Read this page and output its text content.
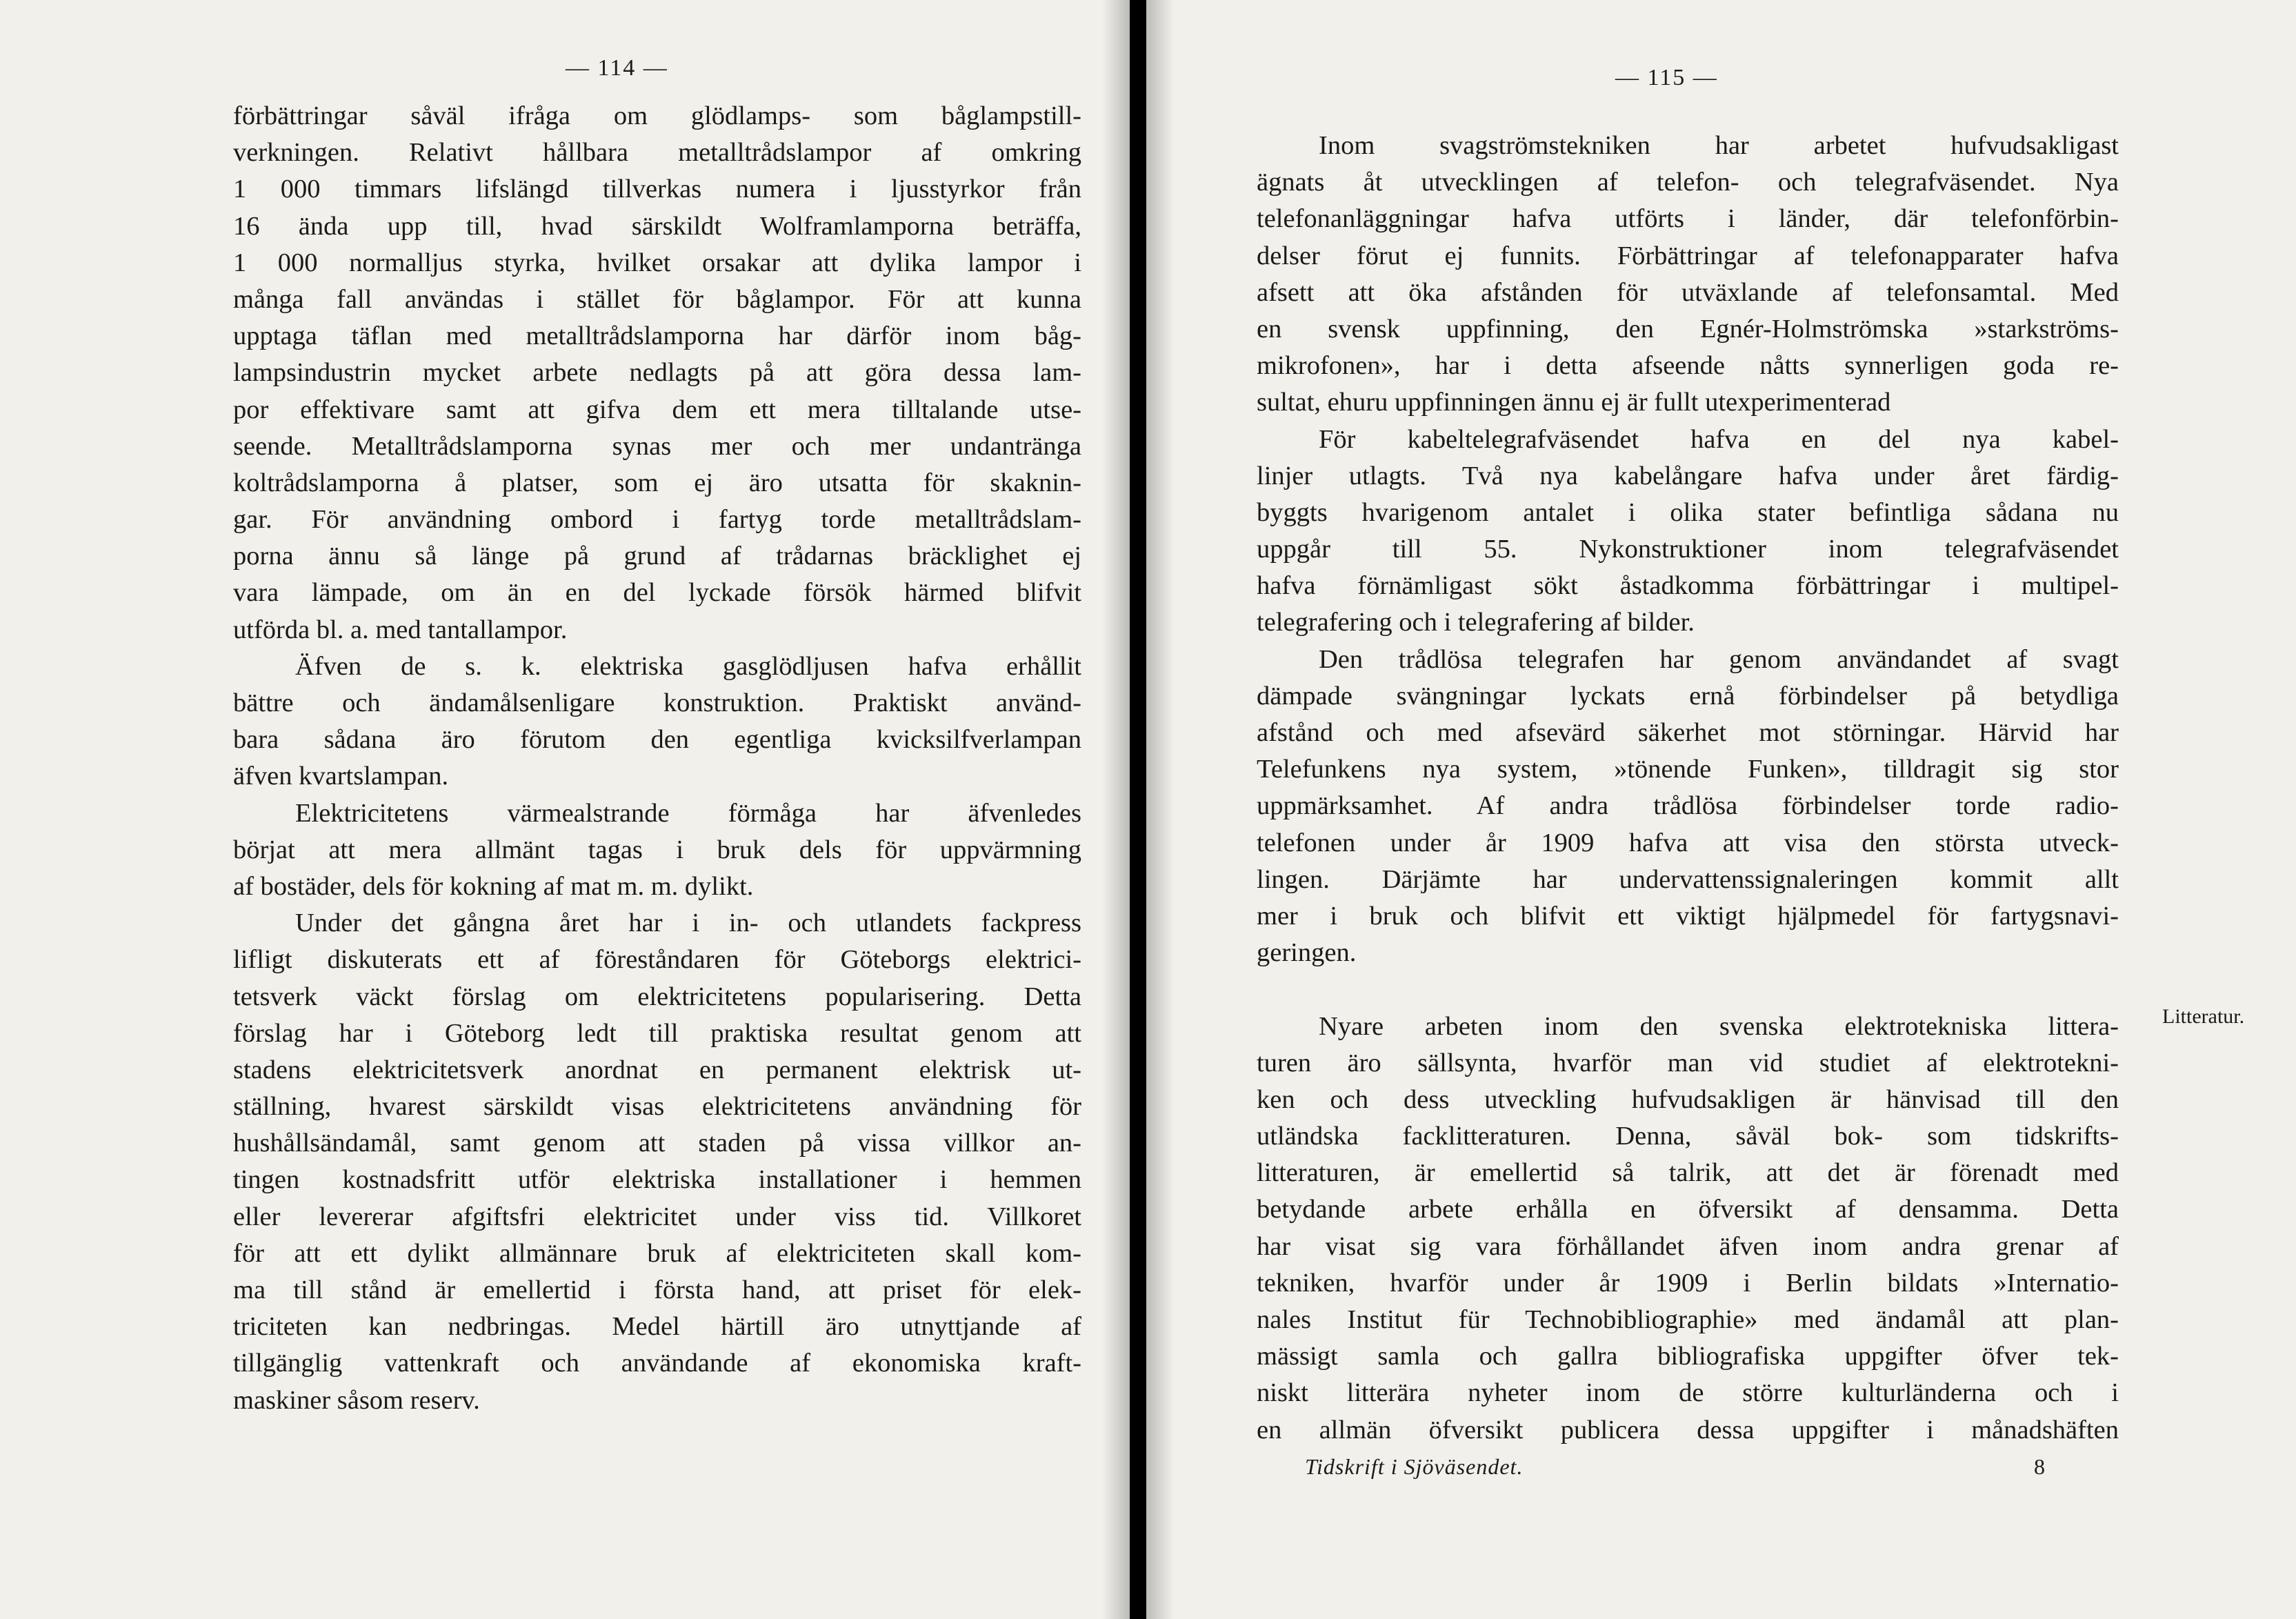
— 114 —
förbättringar såväl ifråga om glödlamps- som båglampstill-
verkningen. Relativt hållbara metalltrådslampor af omkring
1 000 timmars lifslängd tillverkas numera i ljusstyrkor från
16 ända upp till, hvad särskildt Wolframlamporna beträffa,
1 000 normalljus styrka, hvilket orsakar att dylika lampor i
många fall användas i stället för båglampor. För att kunna
upptaga täflan med metalltrådslamporna har därför inom båg-
lampsindustrin mycket arbete nedlagts på att göra dessa lam-
por effektivare samt att gifva dem ett mera tilltalande utse-
seende. Metalltrådslamporna synas mer och mer undantränga
koltrådslamporna å platser, som ej äro utsatta för skaknin-
gar. För användning ombord i fartyg torde metalltrådslam-
porna ännu så länge på grund af trådarnas bräcklighet ej
vara lämpade, om än en del lyckade försök härmed blifvit
utförda bl. a. med tantallampor.
Äfven de s. k. elektriska gasglödljusen hafva erhållit
bättre och ändamålsenligare konstruktion. Praktiskt använd-
bara sådana äro förutom den egentliga kvicksilfverlampan
äfven kvartslampan.
Elektricitetens värmealstrande förmåga har äfvenledes
börjat att mera allmänt tagas i bruk dels för uppvärmning
af bostäder, dels för kokning af mat m. m. dylikt.
Under det gångna året har i in- och utlandets fackpress
lifligt diskuterats ett af föreståndaren för Göteborgs elektrici-
tetsverk väckt förslag om elektricitetens popularisering. Detta
förslag har i Göteborg ledt till praktiska resultat genom att
stadens elektricitetsverk anordnat en permanent elektrisk ut-
ställning, hvarest särskildt visas elektricitetens användning för
hushållsändamål, samt genom att staden på vissa villkor an-
tingen kostnadsfritt utför elektriska installationer i hemmen
eller levererar afgiftsfri elektricitet under viss tid. Villkoret
för att ett dylikt allmännare bruk af elektriciteten skall kom-
ma till stånd är emellertid i första hand, att priset för elek-
triciteten kan nedbringas. Medel härtill äro utnyttjande af
tillgänglig vattenkraft och användande af ekonomiska kraft-
maskiner såsom reserv.
— 115 —
Inom svagströmstekniken har arbetet hufvudsakligast
ägnats åt utvecklingen af telefon- och telegrafväsendet. Nya
telefonanläggningar hafva utförts i länder, där telefonförbin-
delser förut ej funnits. Förbättringar af telefonapparater hafva
afsett att öka afstånden för utväxlande af telefonsamtal. Med
en svensk uppfinning, den Egnér-Holmströmska »starkströms-
mikrofonen», har i detta afseende nåtts synnerligen goda re-
sultat, ehuru uppfinningen ännu ej är fullt utexperimenterad
För kabeltelegrafväsendet hafva en del nya kabel-
linjer utlagts. Två nya kabelångare hafva under året färdig-
byggts hvarigenom antalet i olika stater befintliga sådana nu
uppgår till 55. Nykonstruktioner inom telegrafväsendet
hafva förnämligast sökt åstadkomma förbättringar i multipel-
telegrafering och i telegrafering af bilder.
Den trådlösa telegrafen har genom användandet af svagt
dämpade svängningar lyckats ernå förbindelser på betydliga
afstånd och med afsevärd säkerhet mot störningar. Härvid har
Telefunkens nya system, »tönende Funken», tilldragit sig stor
uppmärksamhet. Af andra trådlösa förbindelser torde radio-
telefonen under år 1909 hafva att visa den största utveck-
lingen. Därjämte har undervattenssignaleringen kommit allt
mer i bruk och blifvit ett viktigt hjälpmedel för fartygsnavi-
geringen.
Nyare arbeten inom den svenska elektrotekniska littera-
turen äro sällsynta, hvarför man vid studiet af elektrotekni-
ken och dess utveckling hufvudsakligen är hänvisad till den
utländska facklitteraturen. Denna, såväl bok- som tidskrifts-
litteraturen, är emellertid så talrik, att det är förenadt med
betydande arbete erhålla en öfversikt af densamma. Detta
har visat sig vara förhållandet äfven inom andra grenar af
tekniken, hvarför under år 1909 i Berlin bildats »Internatio-
nales Institut für Technobibliographie» med ändamål att plan-
mässigt samla och gallra bibliografiska uppgifter öfver tek-
niskt litterära nyheter inom de större kulturländerna och i
en allmän öfversikt publicera dessa uppgifter i månadshäften
Litteratur.
Tidskrift i Sjöväsendet.	8
